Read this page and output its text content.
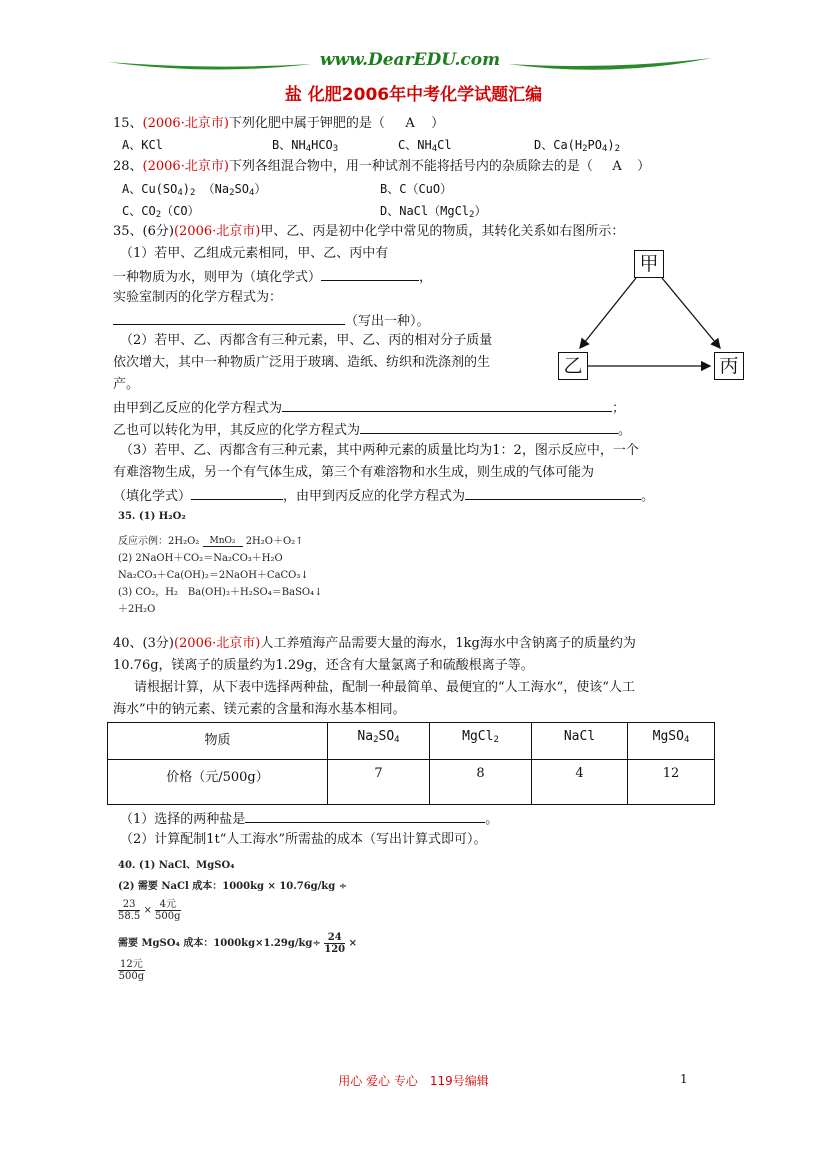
www.DearEDU.com
盐 化肥2006年中考化学试题汇编
15、(2006·北京市)下列化肥中属于钾肥的是（ A ）
A、KCl	B、$NH_4HCO_3$	C、$NH_4Cl$	D、$Ca(H_2PO_4)_2$
28、(2006·北京市)下列各组混合物中，用一种试剂不能将括号内的杂质除去的是（ A ）
A、$Cu(SO_4)_2$ $(Na_2SO_4)$	B、C（CuO）
C、$CO_2(CO)$	D、NaCl（MgCl$_2$）
35、(6分)(2006·北京市)甲、乙、丙是初中化学中常见的物质，其转化关系如右图所示：
（1）若甲、乙组成元素相同，甲、乙、丙中有
一种物质为水，则甲为（填化学式）	，
实验室制丙的化学方程式为：
（写出一种）。
（2）若甲、乙、丙都含有三种元素，甲、乙、丙的相对分子质量
依次增大，其中一种物质广泛用于玻璃、造纸、纺织和洗涤剂的生
产。
由甲到乙反应的化学方程式为	；
乙也可以转化为甲，其反应的化学方程式为	。
（3）若甲、乙、丙都含有三种元素，其中两种元素的质量比均为1：2，图示反应中，一个
有难溶物生成，另一个有气体生成，第三个有难溶物和水生成，则生成的气体可能为
（填化学式）	，由甲到丙反应的化学方程式为	。
甲
乙	丙
35. (1) H₂O₂
反应示例：2H₂O₂	MnO₂	2H₂O＋O₂↑
(2) 2NaOH＋CO₂＝Na₂CO₃＋H₂O
Na₂CO₃＋Ca(OH)₂＝2NaOH＋CaCO₃↓
(3) CO₂，H₂　Ba(OH)₂＋H₂SO₄＝BaSO₄↓
＋2H₂O
40、(3分)(2006·北京市)人工养殖海产品需要大量的海水，1kg海水中含钠离子的质量约为
10.76g，镁离子的质量约为1.29g，还含有大量氯离子和硫酸根离子等。
请根据计算，从下表中选择两种盐，配制一种最简单、最便宜的“人工海水”，使该“人工
海水”中的钠元素、镁元素的含量和海水基本相同。
物质	$Na_2SO_4$	MgCl$_2$	NaCl	MgSO$_4$
价格（元/500g）	7	8	4	12
（1）选择的两种盐是	。
（2）计算配制1t“人工海水”所需盐的成本（写出计算式即可）。
40. (1) NaCl、MgSO₄
(2) 需要 NaCl 成本：1000kg × 10.76g/kg ÷
$\frac{23}{58.5} \times \frac{\text{4元}}{500g}$
需要 MgSO₄ 成本：$1000kg\times 1.29g/kg\div \frac{24}{120}$ ×
$\frac{\text{12元}}{500g}$
用心 爱心 专心　119号编辑	1
